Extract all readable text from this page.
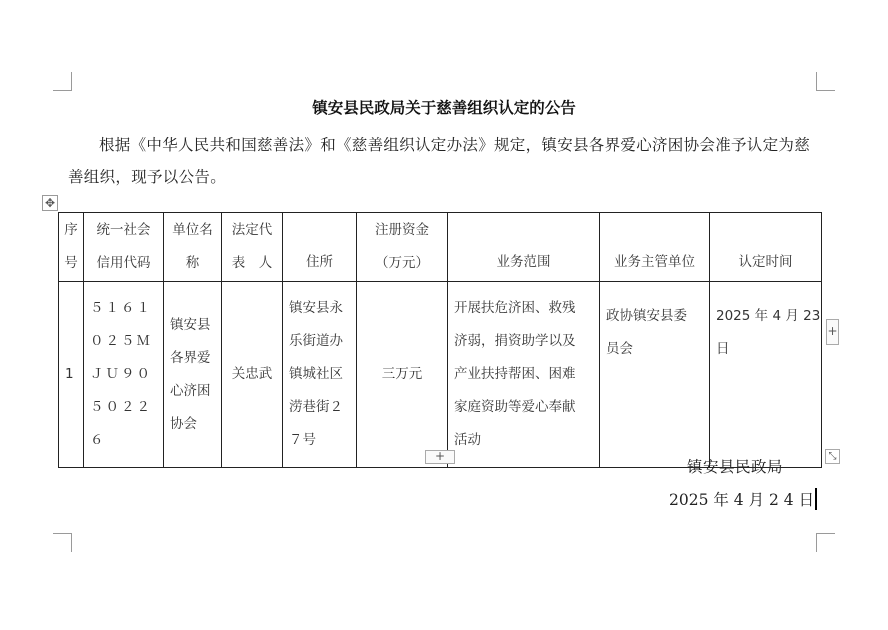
镇安县民政局关于慈善组织认定的公告
根据《中华人民共和国慈善法》和《慈善组织认定办法》规定，镇安县各界爱心济困协会准予认定为慈善组织，现予以公告。
✥
序
号	统一社会
信用代码	单位名
称	法定代
表　人	住所	注册资金
（万元）	业务范围	业务主管单位	认定时间
1	５１６１
０２５Ｍ
ＪＵ９０
５０２２
６	镇安县
各界爱
心济困
协会	关忠武	镇安县永
乐街道办
镇城社区
涝巷街２
７号	三万元	开展扶危济困、救残
济弱，捐资助学以及
产业扶持帮困、困难
家庭资助等爱心奉献
活动	政协镇安县委
员会	2025 年 4 月 23
日
+
+
⤡
镇安县民政局
2025 年 4 月 2 4 日
